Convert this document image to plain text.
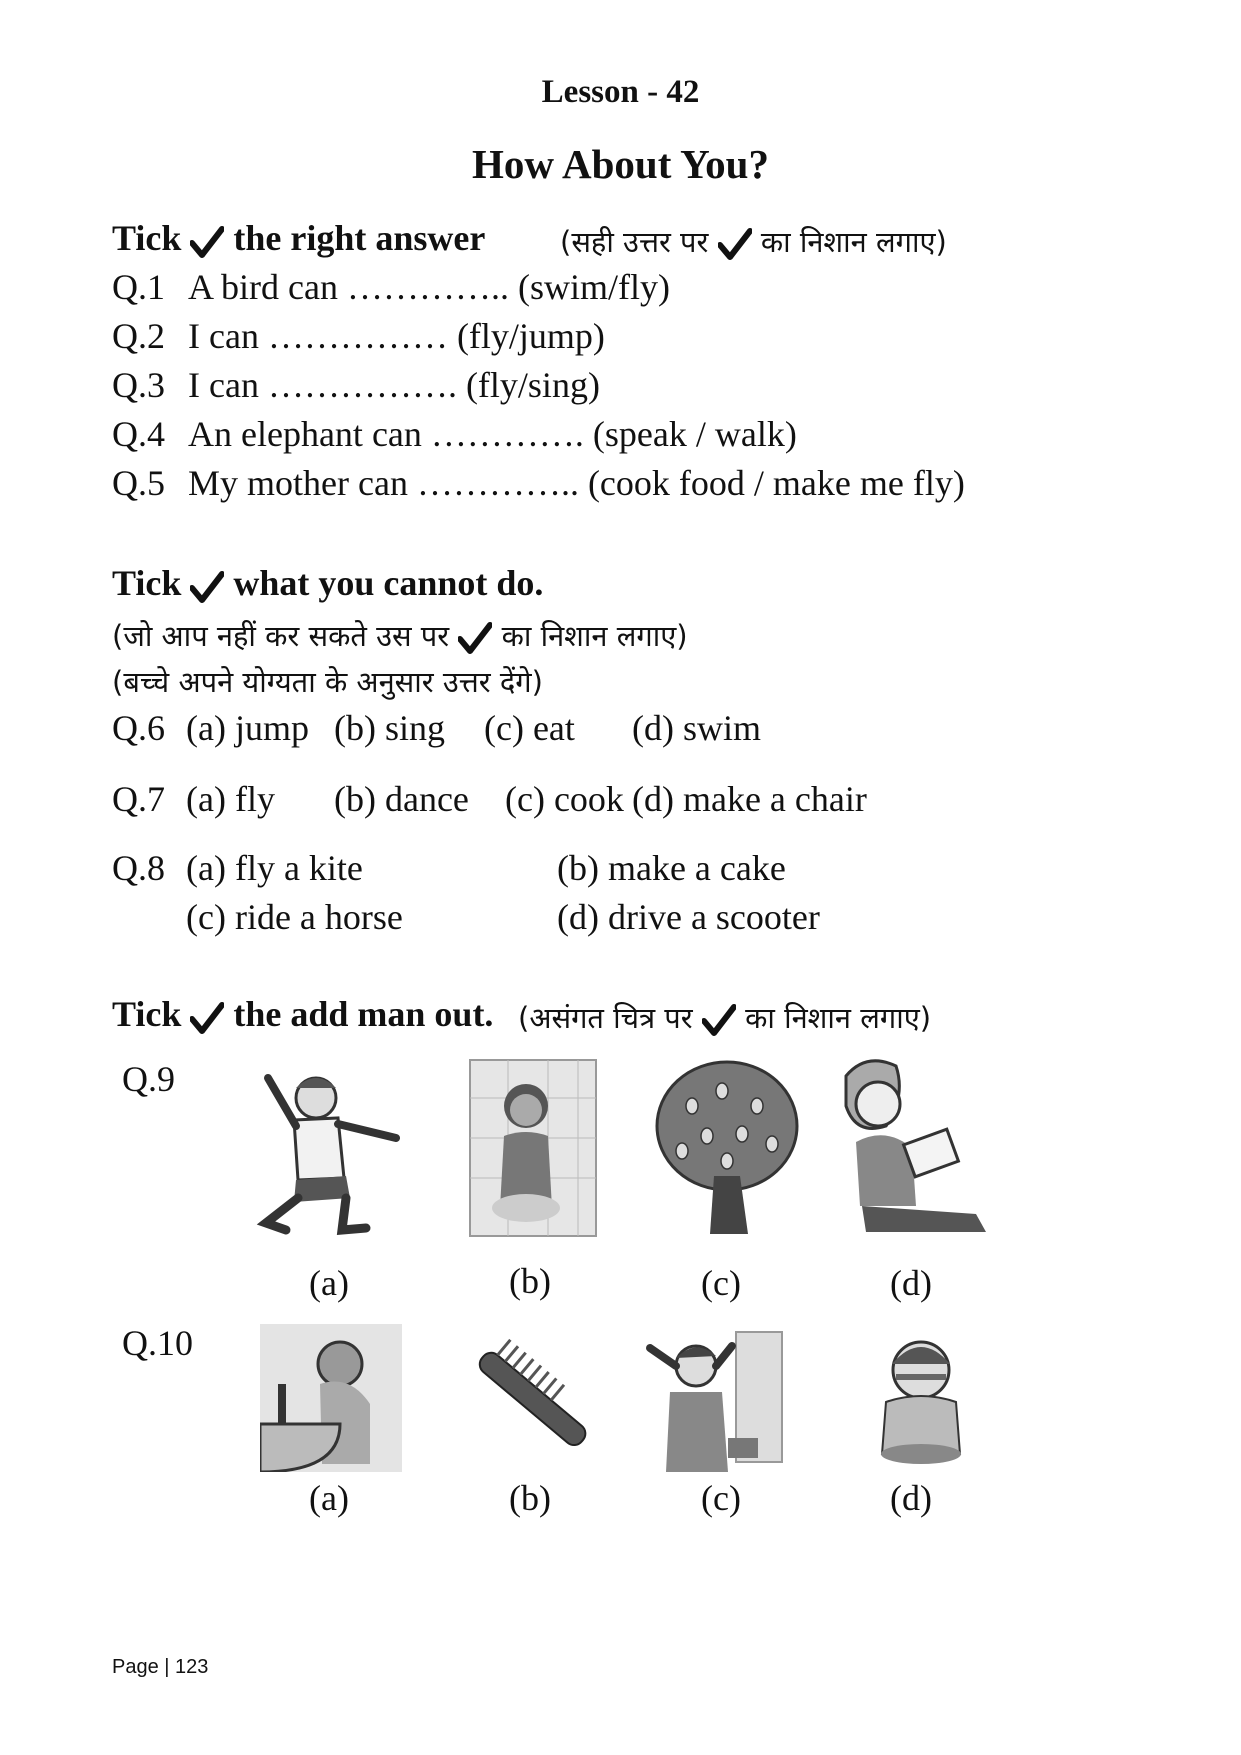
Lesson - 42
How About You?
Tick the right answer	(सही उत्तर पर का निशान लगाए)
Q.1 A bird can ………….. (swim/fly)
Q.2 I can …………… (fly/jump)
Q.3 I can ……………. (fly/sing)
Q.4 An elephant can …………. (speak / walk)
Q.5 My mother can ………….. (cook food / make me fly)
Tick what you cannot do.
(जो आप नहीं कर सकते उस पर का निशान लगाए)
(बच्चे अपने योग्यता के अनुसार उत्तर देंगे)
Q.6 (a) jump (b) sing (c) eat (d) swim
Q.7 (a) fly (b) dance (c) cook (d) make a chair
Q.8 (a) fly a kite	(b) make a cake
(c) ride a horse	(d) drive a scooter
Tick the add man out. (असंगत चित्र पर का निशान लगाए)
Q.9
(a)	(b)	(c)	(d)
Q.10
(a)	(b)	(c)	(d)
Page | 123
